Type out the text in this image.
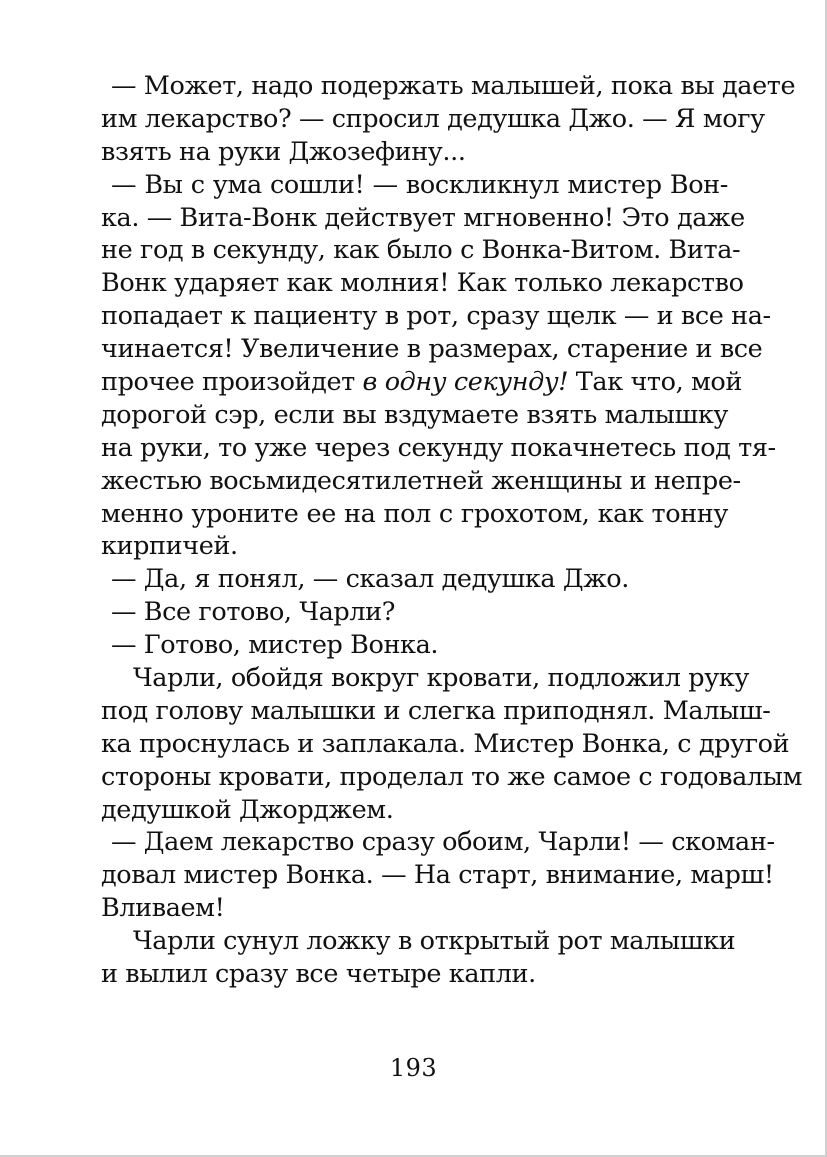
— Может, надо подержать малышей, пока вы даете
им лекарство? — спросил дедушка Джо. — Я могу
взять на руки Джозефину...
— Вы с ума сошли! — воскликнул мистер Вон-
ка. — Вита-Вонк действует мгновенно! Это даже
не год в секунду, как было с Вонка-Витом. Вита-
Вонк ударяет как молния! Как только лекарство
попадает к пациенту в рот, сразу щелк — и все на-
чинается! Увеличение в размерах, старение и все
прочее произойдет в одну секунду! Так что, мой
дорогой сэр, если вы вздумаете взять малышку
на руки, то уже через секунду покачнетесь под тя-
жестью восьмидесятилетней женщины и непре-
менно уроните ее на пол с грохотом, как тонну
кирпичей.
— Да, я понял, — сказал дедушка Джо.
— Все готово, Чарли?
— Готово, мистер Вонка.
Чарли, обойдя вокруг кровати, подложил руку
под голову малышки и слегка приподнял. Малыш-
ка проснулась и заплакала. Мистер Вонка, с другой
стороны кровати, проделал то же самое с годовалым
дедушкой Джорджем.
— Даем лекарство сразу обоим, Чарли! — скоман-
довал мистер Вонка. — На старт, внимание, марш!
Вливаем!
Чарли сунул ложку в открытый рот малышки
и вылил сразу все четыре капли.
193
